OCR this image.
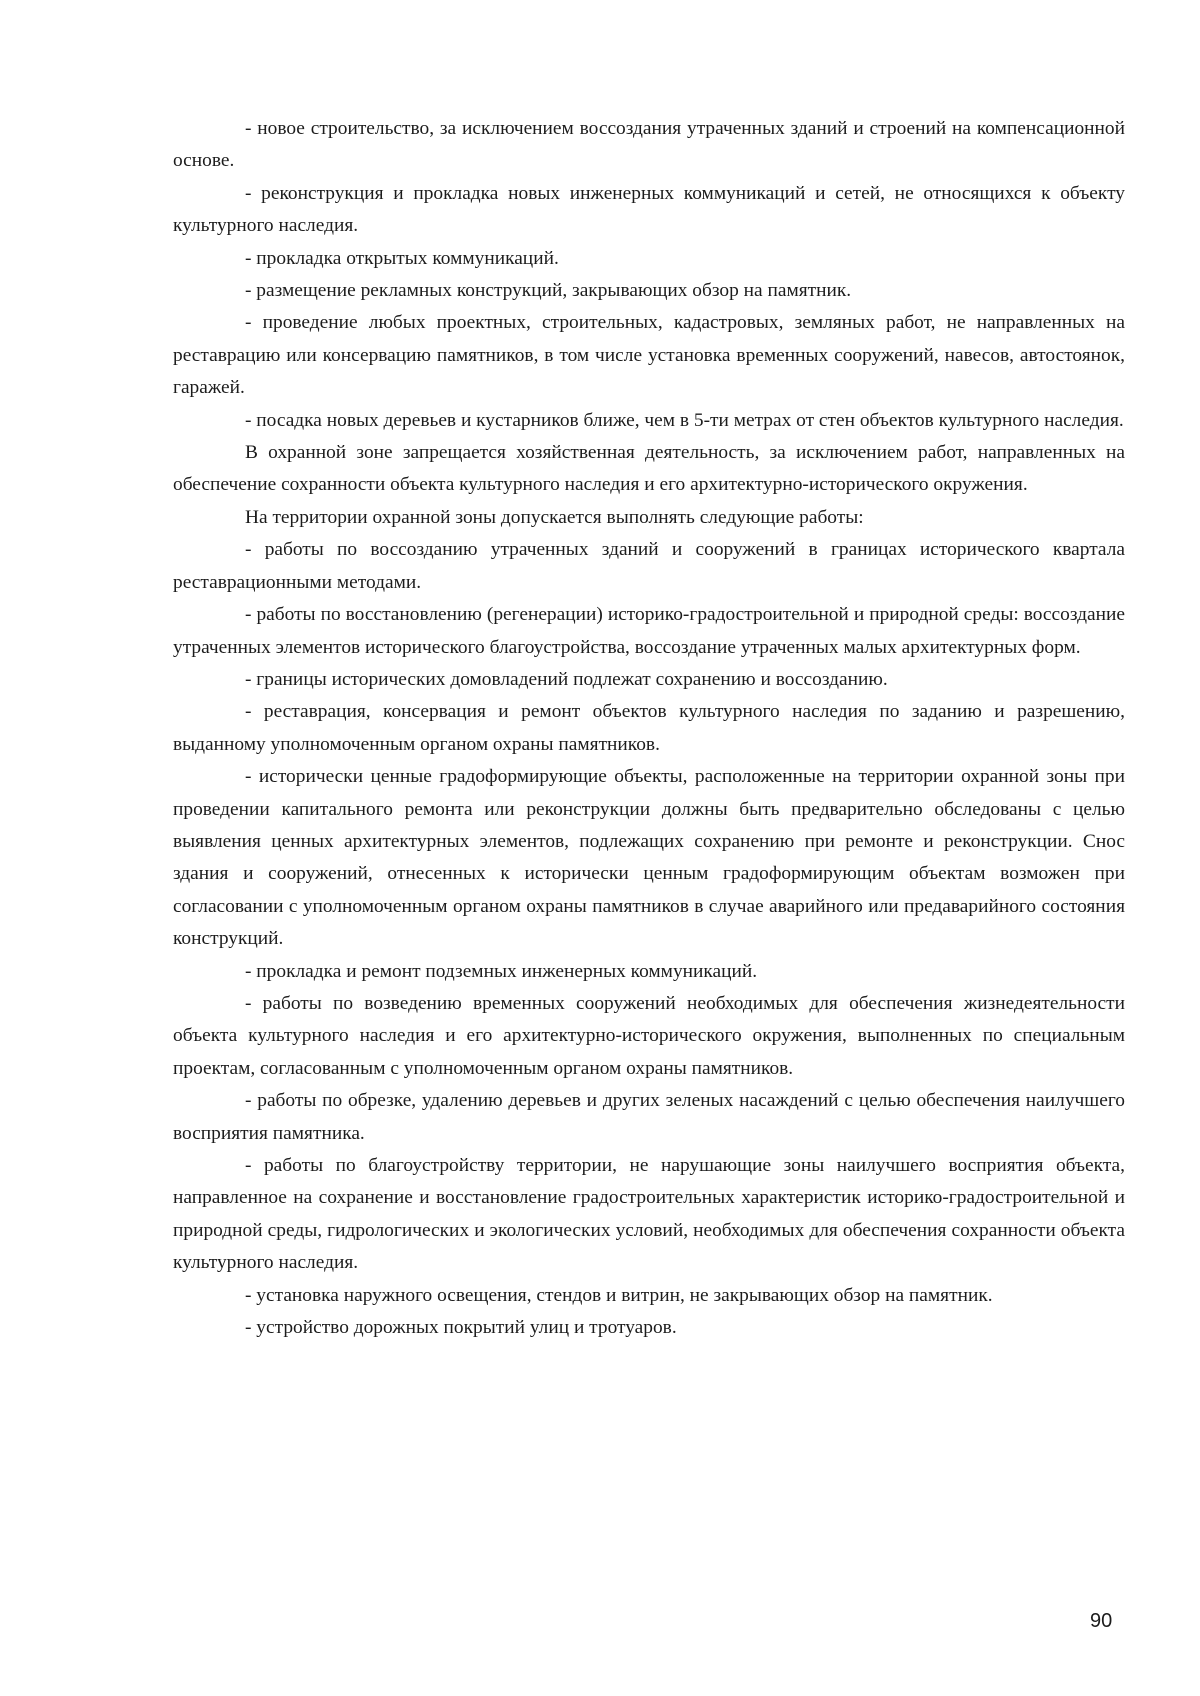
- новое строительство, за исключением воссоздания утраченных зданий и строений на компенсационной основе.

- реконструкция и прокладка новых инженерных коммуникаций и сетей, не относящихся к объекту культурного наследия.

- прокладка открытых коммуникаций.

- размещение рекламных конструкций, закрывающих обзор на памятник.

- проведение любых проектных, строительных, кадастровых, земляных работ, не направленных на реставрацию или консервацию памятников, в том числе установка временных сооружений, навесов, автостоянок, гаражей.

- посадка новых деревьев и кустарников ближе, чем в 5-ти метрах от стен объектов культурного наследия.

В охранной зоне запрещается хозяйственная деятельность, за исключением работ, направленных на обеспечение сохранности объекта культурного наследия и его архитектурно-исторического окружения.

На территории охранной зоны допускается выполнять следующие работы:

- работы по воссозданию утраченных зданий и сооружений в границах исторического квартала реставрационными методами.

- работы по восстановлению (регенерации) историко-градостроительной и природной среды: воссоздание утраченных элементов исторического благоустройства, воссоздание утраченных малых архитектурных форм.

- границы исторических домовладений подлежат сохранению и воссозданию.

- реставрация, консервация и ремонт объектов культурного наследия по заданию и разрешению, выданному уполномоченным органом охраны памятников.

- исторически ценные градоформирующие объекты, расположенные на территории охранной зоны при проведении капитального ремонта или реконструкции должны быть предварительно обследованы с целью выявления ценных архитектурных элементов, подлежащих сохранению при ремонте и реконструкции. Снос здания и сооружений, отнесенных к исторически ценным градоформирующим объектам возможен при согласовании с уполномоченным органом охраны памятников в случае аварийного или предаварийного состояния конструкций.

- прокладка и ремонт подземных инженерных коммуникаций.

- работы по возведению временных сооружений необходимых для обеспечения жизнедеятельности объекта культурного наследия и его архитектурно-исторического окружения, выполненных по специальным проектам, согласованным с уполномоченным органом охраны памятников.

- работы по обрезке, удалению деревьев и других зеленых насаждений с целью обеспечения наилучшего восприятия памятника.

- работы по благоустройству территории, не нарушающие зоны наилучшего восприятия объекта, направленное на сохранение и восстановление градостроительных характеристик историко-градостроительной и природной среды, гидрологических и экологических условий, необходимых для обеспечения сохранности объекта культурного наследия.

- установка наружного освещения, стендов и витрин, не закрывающих обзор на памятник.

- устройство дорожных покрытий улиц и тротуаров.

90
